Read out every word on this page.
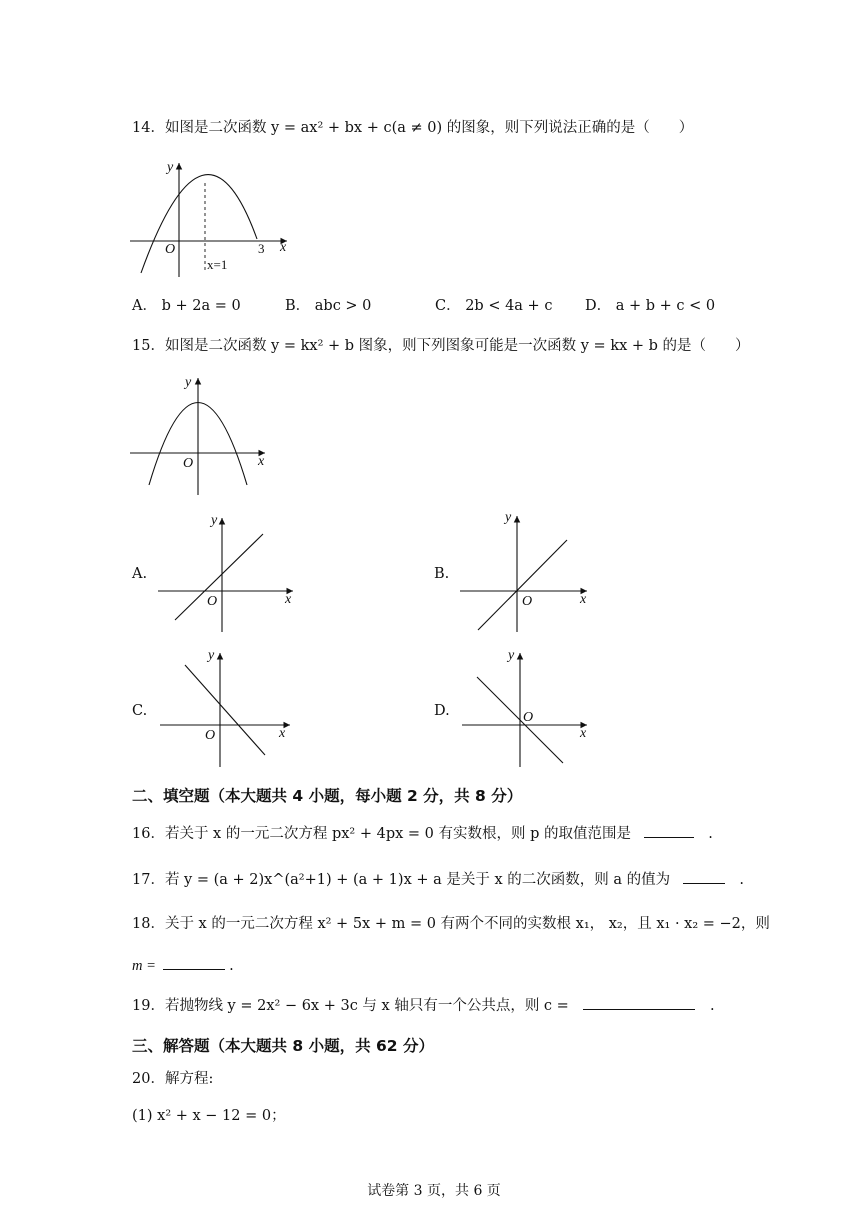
14．如图是二次函数 y = ax² + bx + c(a ≠ 0) 的图象，则下列说法正确的是（　　）
y
x
O	3
x=1
A． b + 2a = 0	B． abc > 0	C． 2b < 4a + c D． a + b + c < 0
15．如图是二次函数 y = kx² + b 图象，则下列图象可能是一次函数 y = kx + b 的是（　　）
y
x
O
A.
y
x
O
B.
y
x
O
C.
y
x
O
D.
y
x
O
二、填空题（本大题共 4 小题，每小题 2 分，共 8 分）
16．若关于 x 的一元二次方程 px² + 4px = 0 有实数根，则 p 的取值范围是	.
17．若 y = (a + 2)x^(a²+1) + (a + 1)x + a 是关于 x 的二次函数，则 a 的值为	.
18．关于 x 的一元二次方程 x² + 5x + m = 0 有两个不同的实数根 x₁， x₂，且 x₁ · x₂ = −2，则
m =	.
19．若抛物线 y = 2x² − 6x + 3c 与 x 轴只有一个公共点，则 c =	.
三、解答题（本大题共 8 小题，共 62 分）
20．解方程:
(1) x² + x − 12 = 0；
试卷第 3 页，共 6 页
